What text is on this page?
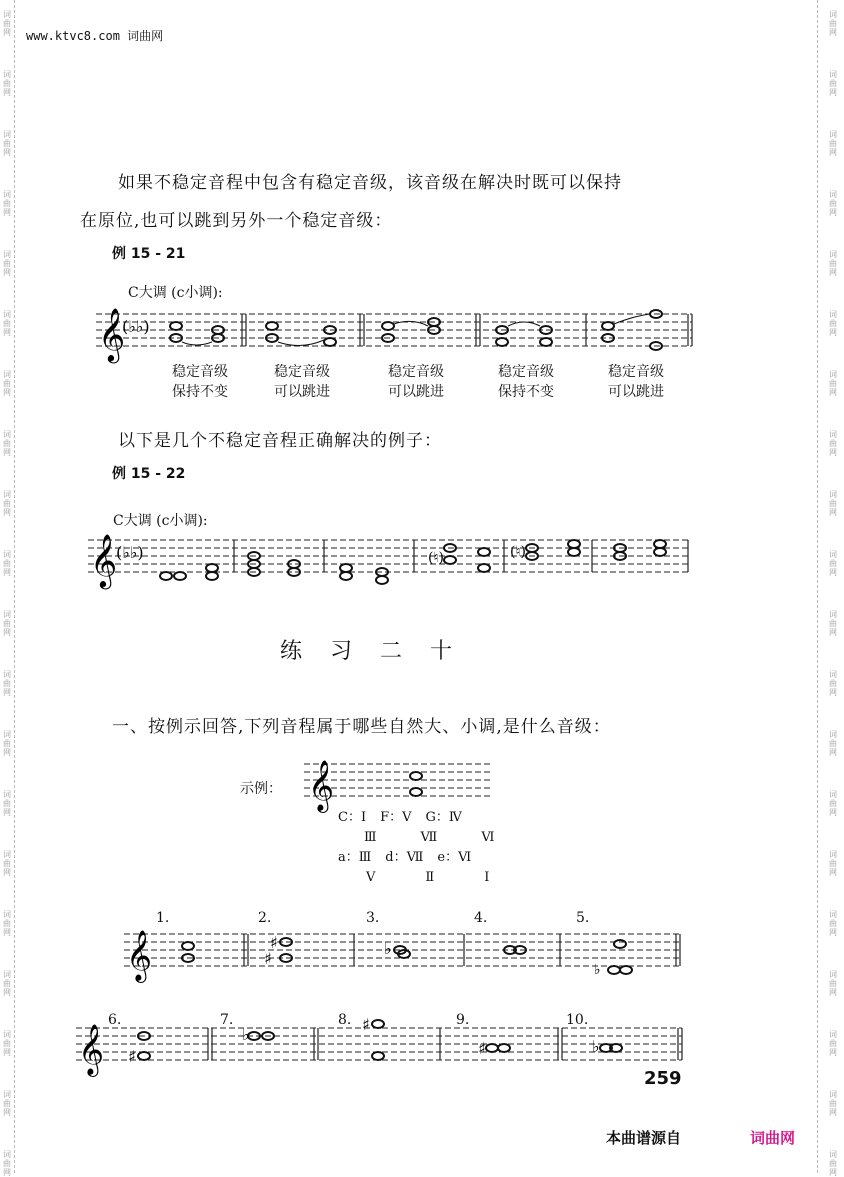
词
曲
网
词
曲
网
词
曲
网
词
曲
网
词
曲
网
词
曲
网
词
曲
网
词
曲
网
词
曲
网
词
曲
网
词
曲
网
词
曲
网
词
曲
网
词
曲
网
词
曲
网
词
曲
网
词
曲
网
词
曲
网
词
曲
网
词
曲
网
词
曲
网
词
曲
网
词
曲
网
词
曲
网
词
曲
网
词
曲
网
词
曲
网
词
曲
网
词
曲
网
词
曲
网
词
曲
网
词
曲
网
词
曲
网
词
曲
网
词
曲
网
词
曲
网
词
曲
网
词
曲
网
词
曲
网
词
曲
网
www.ktvc8.com 词曲网
如果不稳定音程中包含有稳定音级，该音级在解决时既可以保持
在原位,也可以跳到另外一个稳定音级：
例 15 - 21
C大调 (c小调):
𝄞
(♭♭)
稳定音级
保持不变
稳定音级
可以跳进
稳定音级
可以跳进
稳定音级
保持不变
稳定音级
可以跳进
以下是几个不稳定音程正确解决的例子：
例 15 - 22
C大调 (c小调):
𝄞
(♭♭)	(♮)	(♮)
练习二十
一、按例示回答,下列音程属于哪些自然大、小调,是什么音级：
示例： 𝄞
C：Ⅰ F：Ⅴ G：Ⅳ
Ⅲ	Ⅶ	Ⅵ
a：Ⅲ d：Ⅶ e：Ⅵ
Ⅴ	Ⅱ	Ⅰ
1.	2.	3.	4.	5.
𝄞	♯
♯	♭
♭
6.	7.	8.	9.	10.
𝄞 ♯
♭
♯
♯	♭
259
本曲谱源自	词曲网
